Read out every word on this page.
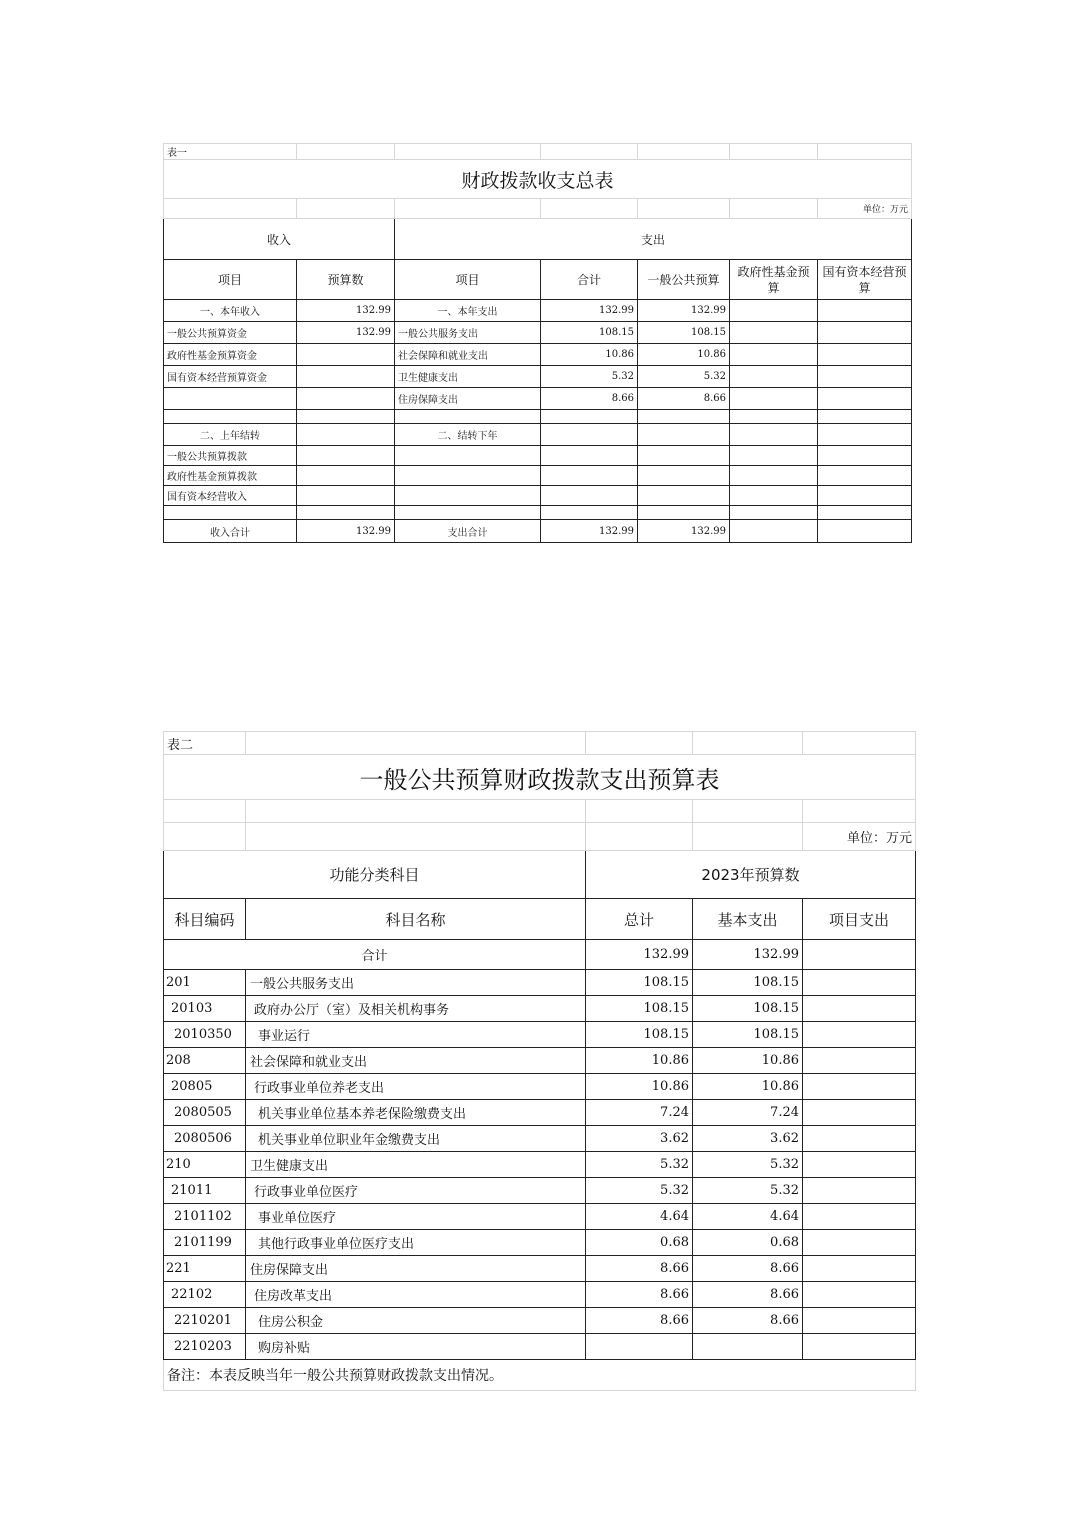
表一						
财政拨款收支总表						
						单位：万元
收入		支出				
项目	预算数	项目	合计	一般公共预算	政府性基金预算	国有资本经营预算
一、本年收入	132.99	一、本年支出	132.99	132.99		
一般公共预算资金	132.99	一般公共服务支出	108.15	108.15		
政府性基金预算资金		社会保障和就业支出	10.86	10.86		
国有资本经营预算资金		卫生健康支出	5.32	5.32		
		住房保障支出	8.66	8.66		

二、上年结转		二、结转下年				
一般公共预算拨款						
政府性基金预算拨款						
国有资本经营收入						

收入合计	132.99	支出合计	132.99	132.99		
表二				
一般公共预算财政拨款支出预算表				

				单位：万元
功能分类科目		2023年预算数		
科目编码	科目名称	总计	基本支出	项目支出
合计		132.99	132.99	
201	一般公共服务支出	108.15	108.15	
20103	政府办公厅（室）及相关机构事务	108.15	108.15	
2010350	事业运行	108.15	108.15	
208	社会保障和就业支出	10.86	10.86	
20805	行政事业单位养老支出	10.86	10.86	
2080505	机关事业单位基本养老保险缴费支出	7.24	7.24	
2080506	机关事业单位职业年金缴费支出	3.62	3.62	
210	卫生健康支出	5.32	5.32	
21011	行政事业单位医疗	5.32	5.32	
2101102	事业单位医疗	4.64	4.64	
2101199	其他行政事业单位医疗支出	0.68	0.68	
221	住房保障支出	8.66	8.66	
22102	住房改革支出	8.66	8.66	
2210201	住房公积金	8.66	8.66	
2210203	购房补贴			
备注：本表反映当年一般公共预算财政拨款支出情况。				
